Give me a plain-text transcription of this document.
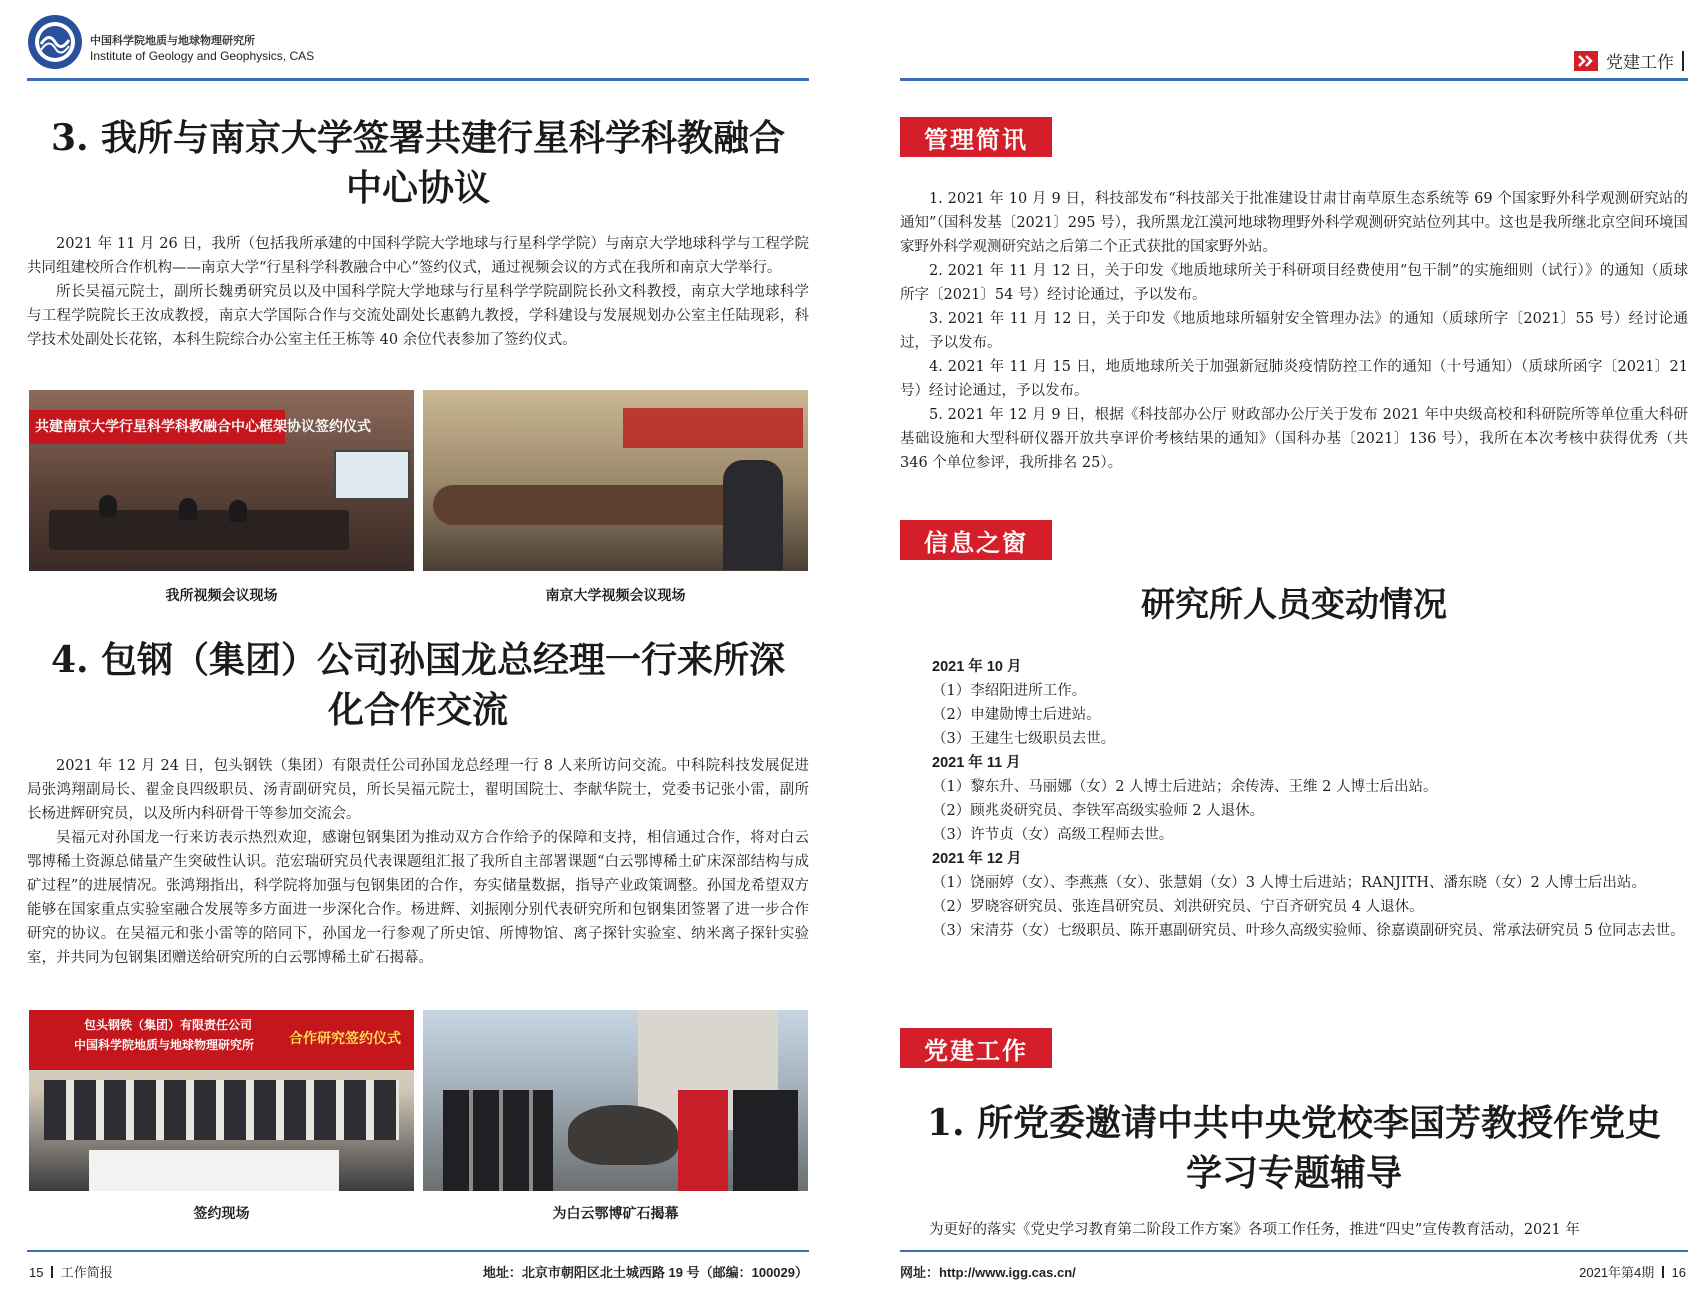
中国科学院地质与地球物理研究所
Institute of Geology and Geophysics, CAS
3. 我所与南京大学签署共建行星科学科教融合
中心协议

2021 年 11 月 26 日，我所（包括我所承建的中国科学院大学地球与行星科学学院）与南京大学地球科学与工程学院共同组建校所合作机构——南京大学“行星科学科教融合中心”签约仪式，通过视频会议的方式在我所和南京大学举行。

所长吴福元院士，副所长魏勇研究员以及中国科学院大学地球与行星科学学院副院长孙文科教授，南京大学地球科学与工程学院院长王汝成教授，南京大学国际合作与交流处副处长惠鹤九教授，学科建设与发展规划办公室主任陆现彩，科学技术处副处长花铭，本科生院综合办公室主任王栋等 40 余位代表参加了签约仪式。

共建南京大学行星科学科教融合中心框架协议签约仪式
我所视频会议现场	南京大学视频会议现场
4. 包钢（集团）公司孙国龙总经理一行来所深
化合作交流

2021 年 12 月 24 日，包头钢铁（集团）有限责任公司孙国龙总经理一行 8 人来所访问交流。中科院科技发展促进局张鸿翔副局长、翟金良四级职员、汤青副研究员，所长吴福元院士，翟明国院士、李献华院士，党委书记张小雷，副所长杨进辉研究员，以及所内科研骨干等参加交流会。

吴福元对孙国龙一行来访表示热烈欢迎，感谢包钢集团为推动双方合作给予的保障和支持，相信通过合作，将对白云鄂博稀土资源总储量产生突破性认识。范宏瑞研究员代表课题组汇报了我所自主部署课题“白云鄂博稀土矿床深部结构与成矿过程”的进展情况。张鸿翔指出，科学院将加强与包钢集团的合作，夯实储量数据，指导产业政策调整。孙国龙希望双方能够在国家重点实验室融合发展等多方面进一步深化合作。杨进辉、刘振刚分别代表研究所和包钢集团签署了进一步合作研究的协议。在吴福元和张小雷等的陪同下，孙国龙一行参观了所史馆、所博物馆、离子探针实验室、纳米离子探针实验室，并共同为包钢集团赠送给研究所的白云鄂博稀土矿石揭幕。

包头钢铁（集团）有限责任公司
中国科学院地质与地球物理研究所 合作研究签约仪式
签约现场	为白云鄂博矿石揭幕
15 工作简报	地址：北京市朝阳区北土城西路 19 号（邮编：100029）
党建工作
管理简讯

1. 2021 年 10 月 9 日，科技部发布“科技部关于批准建设甘肃甘南草原生态系统等 69 个国家野外科学观测研究站的通知”（国科发基〔2021〕295 号），我所黑龙江漠河地球物理野外科学观测研究站位列其中。这也是我所继北京空间环境国家野外科学观测研究站之后第二个正式获批的国家野外站。

2. 2021 年 11 月 12 日，关于印发《地质地球所关于科研项目经费使用“包干制”的实施细则（试行）》的通知（质球所字〔2021〕54 号）经讨论通过，予以发布。

3. 2021 年 11 月 12 日，关于印发《地质地球所辐射安全管理办法》的通知（质球所字〔2021〕55 号）经讨论通过，予以发布。

4. 2021 年 11 月 15 日，地质地球所关于加强新冠肺炎疫情防控工作的通知（十号通知）（质球所函字〔2021〕21 号）经讨论通过，予以发布。

5. 2021 年 12 月 9 日，根据《科技部办公厅 财政部办公厅关于发布 2021 年中央级高校和科研院所等单位重大科研基础设施和大型科研仪器开放共享评价考核结果的通知》（国科办基〔2021〕136 号），我所在本次考核中获得优秀（共 346 个单位参评，我所排名 25）。

信息之窗
研究所人员变动情况
2021 年 10 月
（1）李绍阳进所工作。
（2）申建勋博士后进站。
（3）王建生七级职员去世。
2021 年 11 月
（1）黎东升、马丽娜（女）2 人博士后进站；余传涛、王维 2 人博士后出站。
（2）顾兆炎研究员、李铁军高级实验师 2 人退休。
（3）许节贞（女）高级工程师去世。
2021 年 12 月
（1）饶丽婷（女）、李燕燕（女）、张慧娟（女）3 人博士后进站；RANJITH、潘东晓（女）2 人博士后出站。
（2）罗晓容研究员、张连昌研究员、刘洪研究员、宁百齐研究员 4 人退休。
（3）宋清芬（女）七级职员、陈开惠副研究员、叶珍久高级实验师、徐嘉谟副研究员、常承法研究员 5 位同志去世。
党建工作
1. 所党委邀请中共中央党校李国芳教授作党史
学习专题辅导

为更好的落实《党史学习教育第二阶段工作方案》各项工作任务，推进“四史”宣传教育活动，2021 年

网址：http://www.igg.cas.cn/	2021年第4期 16
